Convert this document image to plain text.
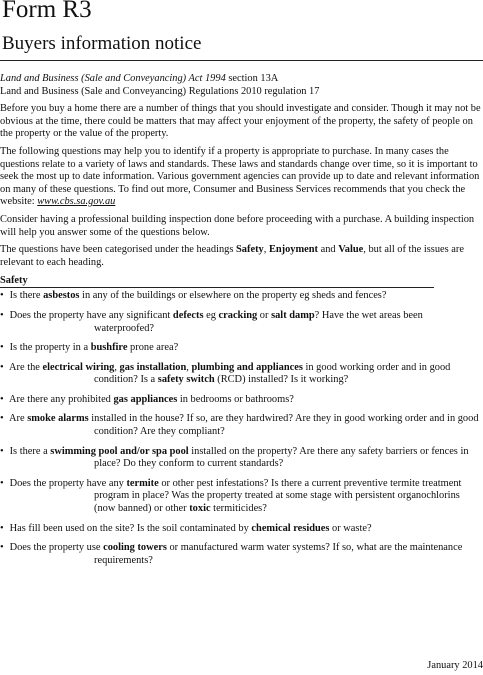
Form R3
Buyers information notice

Land and Business (Sale and Conveyancing) Act 1994 section 13A

Land and Business (Sale and Conveyancing) Regulations 2010 regulation 17

Before you buy a home there are a number of things that you should investigate and consider. Though it may not be obvious at the time, there could be matters that may affect your enjoyment of the property, the safety of people on the property or the value of the property.

The following questions may help you to identify if a property is appropriate to purchase. In many cases the questions relate to a variety of laws and standards. These laws and standards change over time, so it is important to seek the most up to date information. Various government agencies can provide up to date and relevant information on many of these questions. To find out more, Consumer and Business Services recommends that you check the website: www.cbs.sa.gov.au

Consider having a professional building inspection done before proceeding with a purchase. A building inspection will help you answer some of the questions below.

The questions have been categorised under the headings Safety, Enjoyment and Value, but all of the issues are relevant to each heading.

Safety
• Is there asbestos in any of the buildings or elsewhere on the property eg sheds and fences?
• Does the property have any significant defects eg cracking or salt damp? Have the wet areas been waterproofed?
• Is the property in a bushfire prone area?
• Are the electrical wiring, gas installation, plumbing and appliances in good working order and in good condition? Is a safety switch (RCD) installed? Is it working?
• Are there any prohibited gas appliances in bedrooms or bathrooms?
• Are smoke alarms installed in the house? If so, are they hardwired? Are they in good working order and in good condition? Are they compliant?
• Is there a swimming pool and/or spa pool installed on the property? Are there any safety barriers or fences in place? Do they conform to current standards?
• Does the property have any termite or other pest infestations? Is there a current preventive termite treatment program in place? Was the property treated at some stage with persistent organochlorins (now banned) or other toxic termiticides?
• Has fill been used on the site? Is the soil contaminated by chemical residues or waste?
• Does the property use cooling towers or manufactured warm water systems? If so, what are the maintenance requirements?
January 2014
